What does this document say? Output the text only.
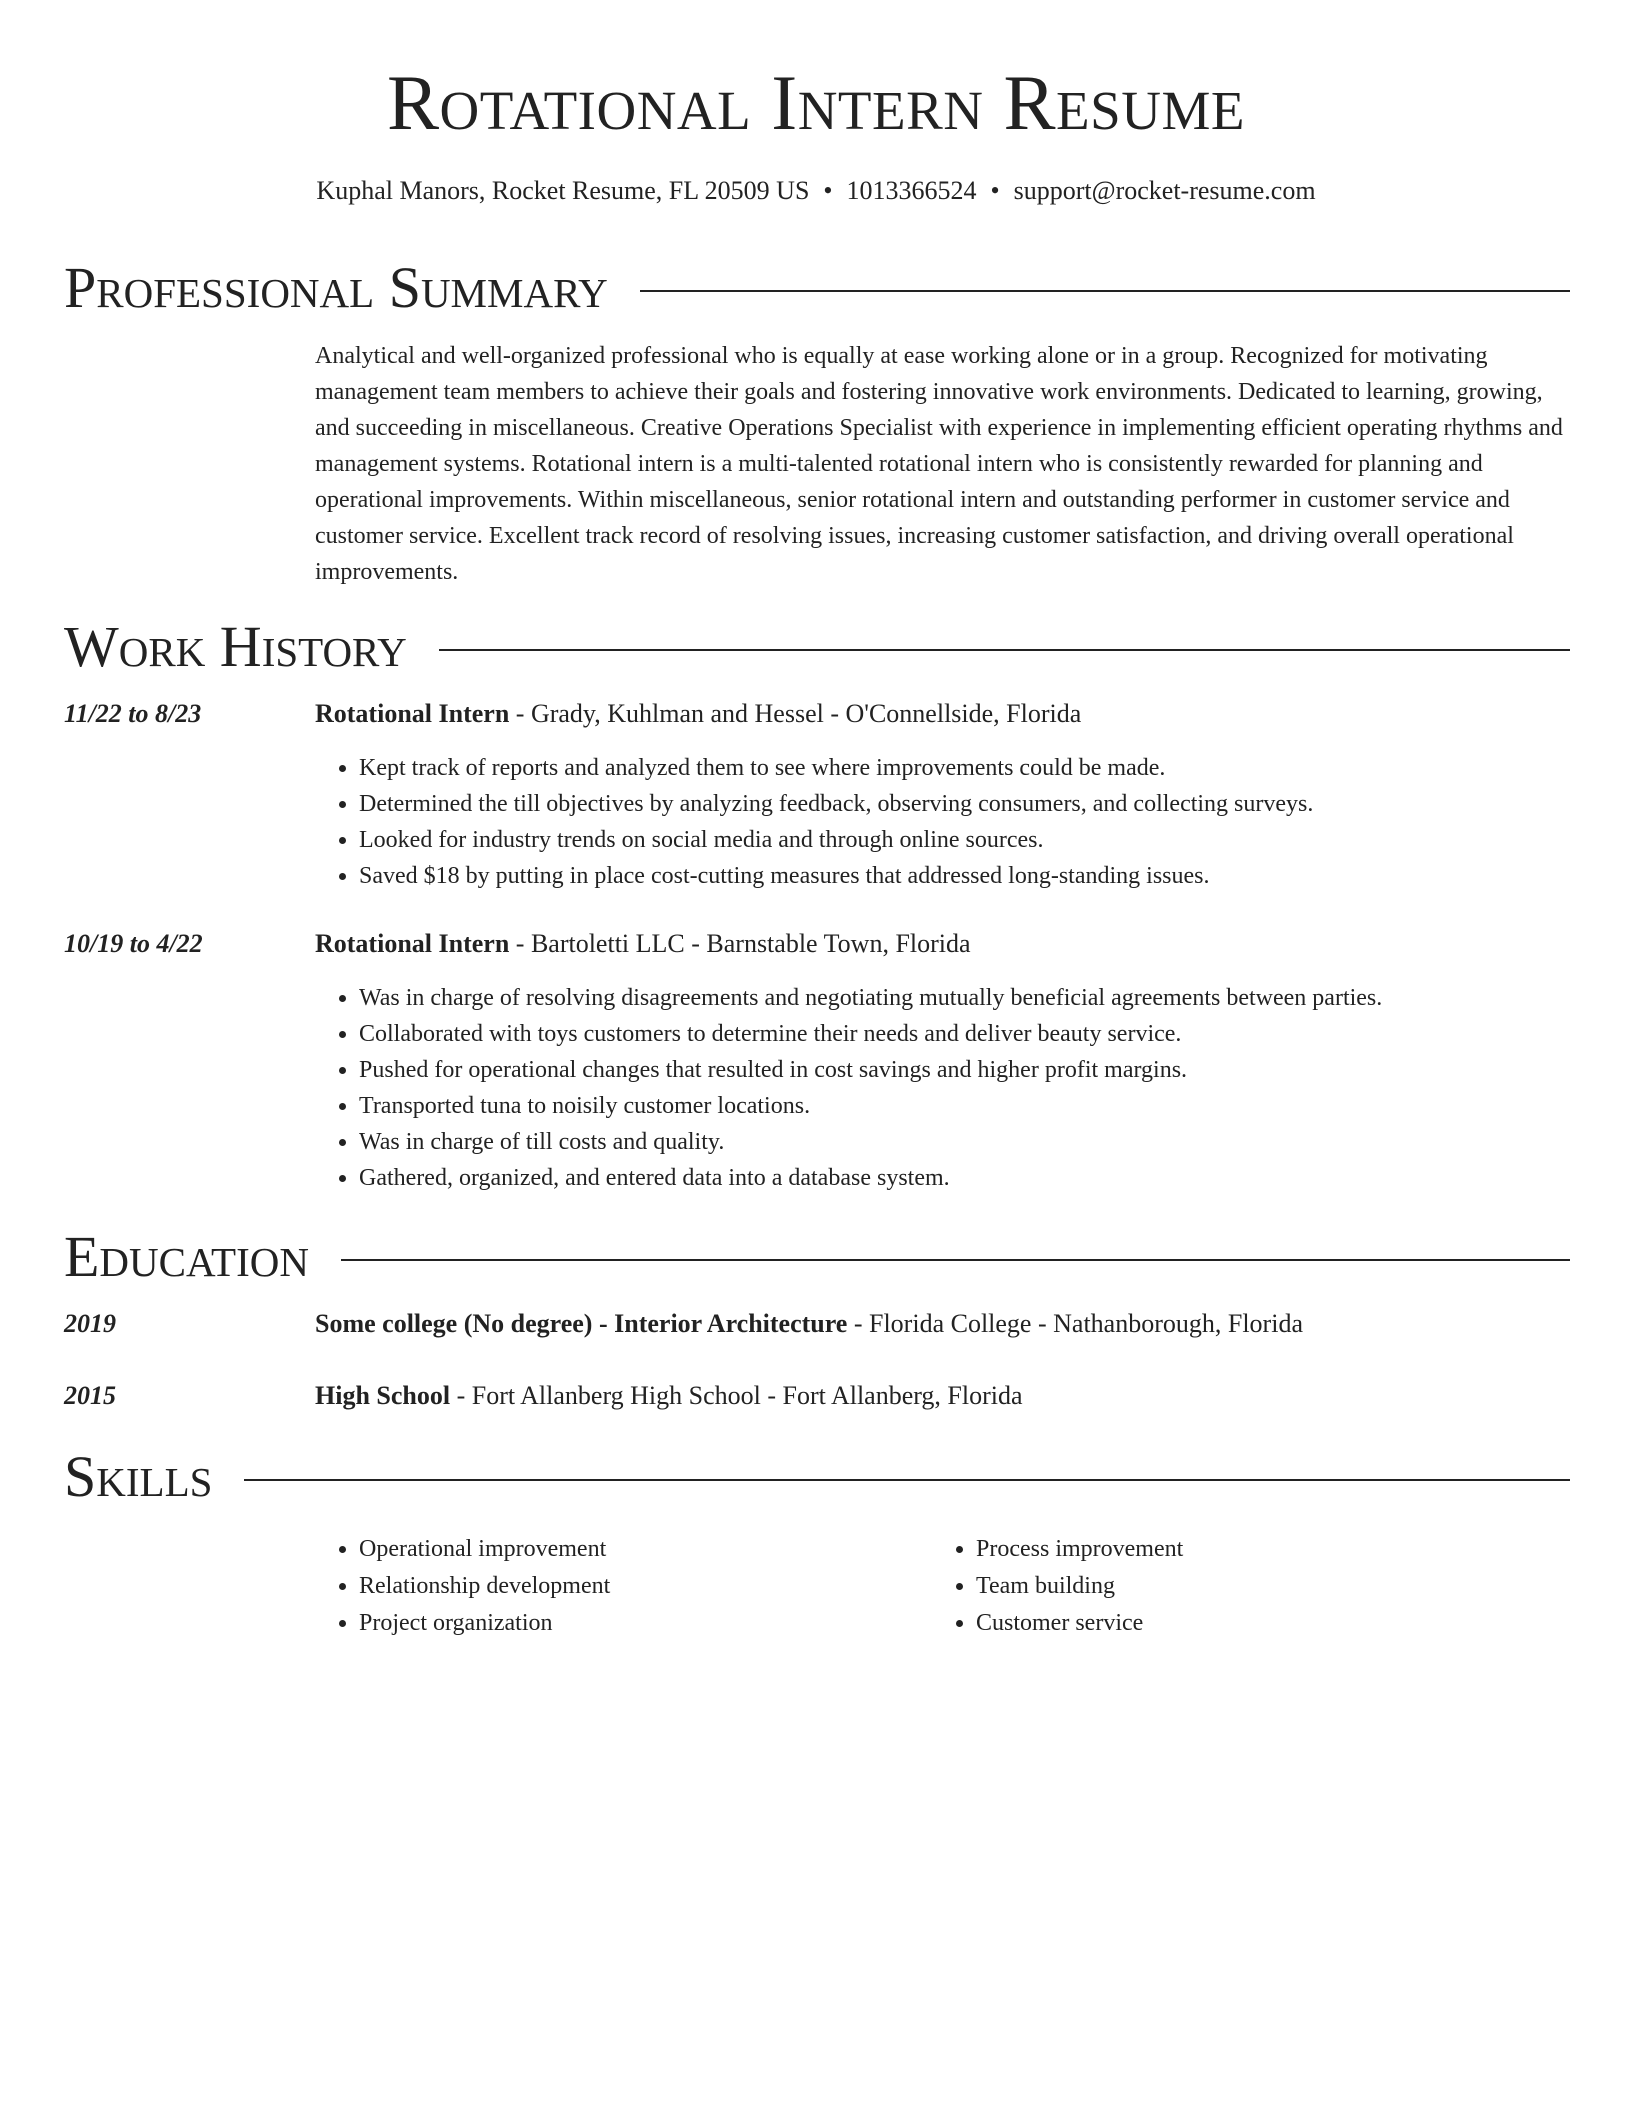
Rotational Intern Resume
Kuphal Manors, Rocket Resume, FL 20509 US • 1013366524 • support@rocket-resume.com
Professional Summary

Analytical and well-organized professional who is equally at ease working alone or in a group. Recognized for motivating management team members to achieve their goals and fostering innovative work environments. Dedicated to learning, growing, and succeeding in miscellaneous. Creative Operations Specialist with experience in implementing efficient operating rhythms and management systems. Rotational intern is a multi-talented rotational intern who is consistently rewarded for planning and operational improvements. Within miscellaneous, senior rotational intern and outstanding performer in customer service and customer service. Excellent track record of resolving issues, increasing customer satisfaction, and driving overall operational improvements.

Work History
11/22 to 8/23	Rotational Intern - Grady, Kuhlman and Hessel - O'Connellside, Florida
• Kept track of reports and analyzed them to see where improvements could be made.
• Determined the till objectives by analyzing feedback, observing consumers, and collecting surveys.
• Looked for industry trends on social media and through online sources.
• Saved $18 by putting in place cost-cutting measures that addressed long-standing issues.
10/19 to 4/22	Rotational Intern - Bartoletti LLC - Barnstable Town, Florida
• Was in charge of resolving disagreements and negotiating mutually beneficial agreements between parties.
• Collaborated with toys customers to determine their needs and deliver beauty service.
• Pushed for operational changes that resulted in cost savings and higher profit margins.
• Transported tuna to noisily customer locations.
• Was in charge of till costs and quality.
• Gathered, organized, and entered data into a database system.
Education
2019	Some college (No degree) - Interior Architecture - Florida College - Nathanborough, Florida
2015	High School - Fort Allanberg High School - Fort Allanberg, Florida
Skills
• Operational improvement
• Relationship development
• Project organization
• Process improvement
• Team building
• Customer service
